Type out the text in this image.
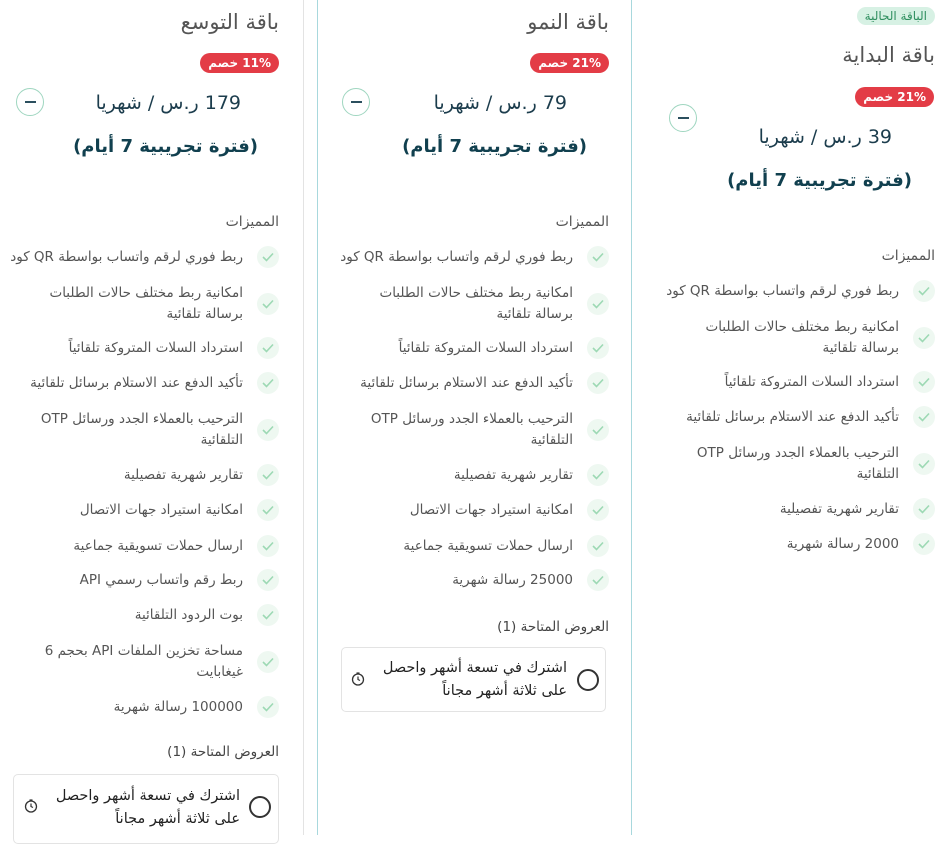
الباقة الحالية
باقة البداية
21% خصم
39 ر.س / شهريا
(فترة تجريبية 7 أيام)
المميزات
ربط فوري لرقم واتساب بواسطة QR كود
امكانية ربط مختلف حالات الطلبات برسالة تلقائية
استرداد السلات المتروكة تلقائياً
تأكيد الدفع عند الاستلام برسائل تلقائية
الترحيب بالعملاء الجدد ورسائل OTP التلقائية
تقارير شهرية تفصيلية
2000 رسالة شهرية
باقة النمو
21% خصم
79 ر.س / شهريا
(فترة تجريبية 7 أيام)
المميزات
ربط فوري لرقم واتساب بواسطة QR كود
امكانية ربط مختلف حالات الطلبات برسالة تلقائية
استرداد السلات المتروكة تلقائياً
تأكيد الدفع عند الاستلام برسائل تلقائية
الترحيب بالعملاء الجدد ورسائل OTP التلقائية
تقارير شهرية تفصيلية
امكانية استيراد جهات الاتصال
ارسال حملات تسويقية جماعية
25000 رسالة شهرية
العروض المتاحة (1)
اشترك في تسعة أشهر واحصل على ثلاثة أشهر مجاناً
باقة التوسع
11% خصم
179 ر.س / شهريا
(فترة تجريبية 7 أيام)
المميزات
ربط فوري لرقم واتساب بواسطة QR كود
امكانية ربط مختلف حالات الطلبات برسالة تلقائية
استرداد السلات المتروكة تلقائياً
تأكيد الدفع عند الاستلام برسائل تلقائية
الترحيب بالعملاء الجدد ورسائل OTP التلقائية
تقارير شهرية تفصيلية
امكانية استيراد جهات الاتصال
ارسال حملات تسويقية جماعية
ربط رقم واتساب رسمي API
بوت الردود التلقائية
مساحة تخزين الملفات API بحجم 6 غيغابايت
100000 رسالة شهرية
العروض المتاحة (1)
اشترك في تسعة أشهر واحصل على ثلاثة أشهر مجاناً
